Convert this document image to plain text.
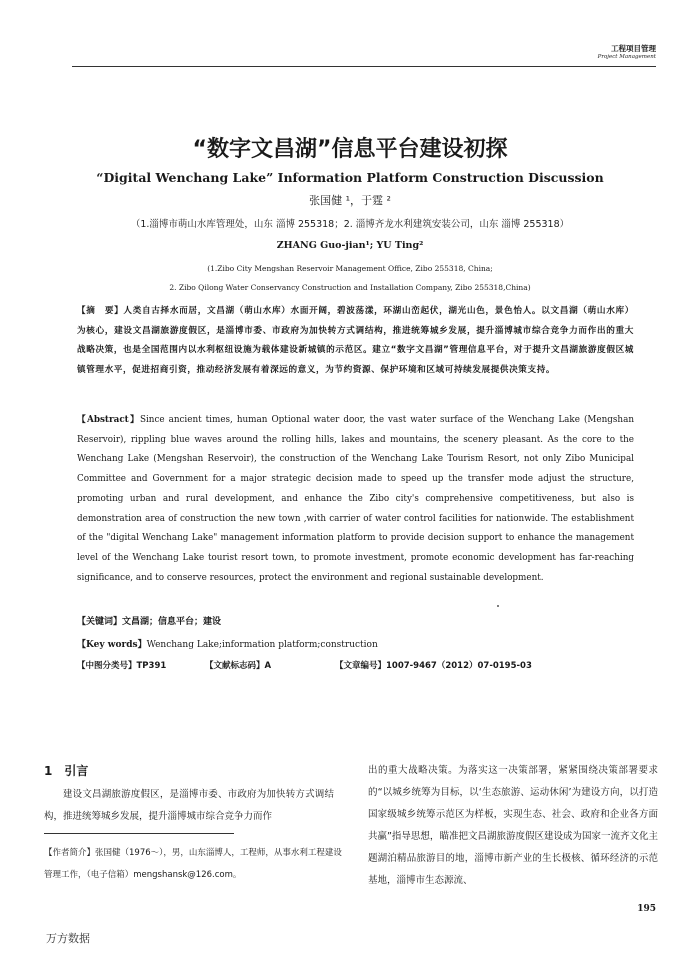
工程项目管理
Project Management
“数字文昌湖”信息平台建设初探
“Digital Wenchang Lake” Information Platform Construction Discussion
张国健 ¹，于霆 ²
（1.淄博市萌山水库管理处，山东 淄博 255318；2. 淄博齐龙水利建筑安装公司，山东 淄博 255318）
ZHANG Guo-jian¹; YU Ting²
(1.Zibo City Mengshan Reservoir Management Office, Zibo 255318, China;
2. Zibo Qilong Water Conservancy Construction and Installation Company, Zibo 255318,China)
【摘　要】人类自古择水而居，文昌湖（萌山水库）水面开阔，碧波荡漾，环湖山峦起伏，湖光山色，景色怡人。以文昌湖（萌山水库）为核心，建设文昌湖旅游度假区，是淄博市委、市政府为加快转方式调结构，推进统筹城乡发展，提升淄博城市综合竞争力而作出的重大战略决策，也是全国范围内以水利枢纽设施为载体建设新城镇的示范区。建立“数字文昌湖”管理信息平台，对于提升文昌湖旅游度假区城镇管理水平，促进招商引资，推动经济发展有着深远的意义，为节约资源、保护环境和区域可持续发展提供决策支持。
【Abstract】Since ancient times, human Optional water door, the vast water surface of the Wenchang Lake (Mengshan Reservoir), rippling blue waves around the rolling hills, lakes and mountains, the scenery pleasant. As the core to the Wenchang Lake (Mengshan Reservoir), the construction of the Wenchang Lake Tourism Resort, not only Zibo Municipal Committee and Government for a major strategic decision made to speed up the transfer mode adjust the structure, promoting urban and rural development, and enhance the Zibo city's comprehensive competitiveness, but also is demonstration area of construction the new town ,with carrier of water control facilities for nationwide. The establishment of the "digital Wenchang Lake" management information platform to provide decision support to enhance the management level of the Wenchang Lake tourist resort town, to promote investment, promote economic development has far-reaching significance, and to conserve resources, protect the environment and regional sustainable development.
【关键词】文昌湖；信息平台；建设
【Key words】Wenchang Lake;information platform;construction
【中图分类号】TP391	【文献标志码】A	【文章编号】1007-9467（2012）07-0195-03
1　引言
建设文昌湖旅游度假区，是淄博市委、市政府为加快转方式调结构，推进统筹城乡发展，提升淄博城市综合竞争力而作
【作者简介】张国健（1976～），男，山东淄博人，工程师，从事水利工程建设管理工作，（电子信箱）mengshansk@126.com。
出的重大战略决策。为落实这一决策部署，紧紧围绕决策部署要求的“以城乡统筹为目标，以‘生态旅游、运动休闲’为建设方向，以打造国家级城乡统筹示范区为样板，实现生态、社会、政府和企业各方面共赢”指导思想，瞄准把文昌湖旅游度假区建设成为国家一流齐文化主题湖泊精品旅游目的地，淄博市新产业的生长极核、循环经济的示范基地，淄博市生态源流、
195
万方数据
